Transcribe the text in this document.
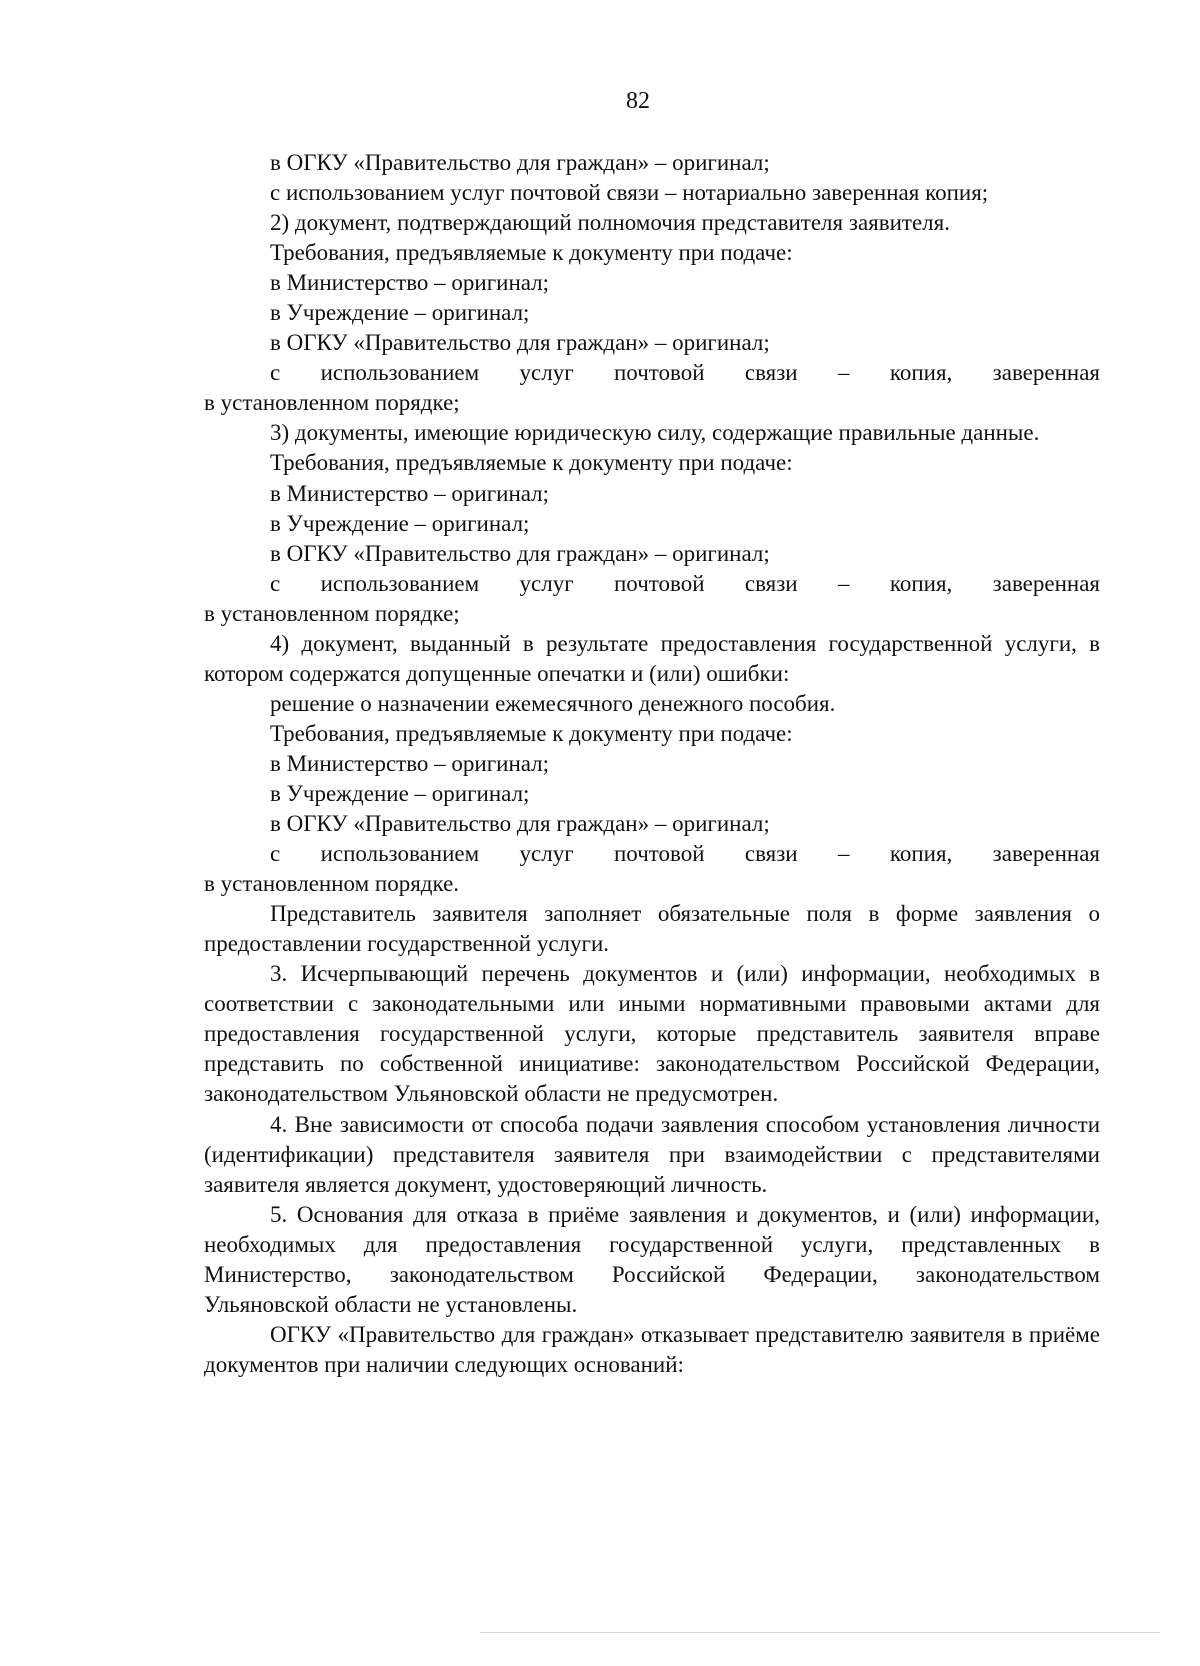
82

в ОГКУ «Правительство для граждан» – оригинал;

с использованием услуг почтовой связи – нотариально заверенная копия;

2) документ, подтверждающий полномочия представителя заявителя.

Требования, предъявляемые к документу при подаче:

в Министерство – оригинал;

в Учреждение – оригинал;

в ОГКУ «Правительство для граждан» – оригинал;

с использованием услуг почтовой связи – копия, заверенная
в установленном порядке;

3) документы, имеющие юридическую силу, содержащие правильные данные.

Требования, предъявляемые к документу при подаче:

в Министерство – оригинал;

в Учреждение – оригинал;

в ОГКУ «Правительство для граждан» – оригинал;

с использованием услуг почтовой связи – копия, заверенная
в установленном порядке;

4) документ, выданный в результате предоставления государственной услуги, в котором содержатся допущенные опечатки и (или) ошибки:

решение о назначении ежемесячного денежного пособия.

Требования, предъявляемые к документу при подаче:

в Министерство – оригинал;

в Учреждение – оригинал;

в ОГКУ «Правительство для граждан» – оригинал;

с использованием услуг почтовой связи – копия, заверенная
в установленном порядке.

Представитель заявителя заполняет обязательные поля в форме заявления о предоставлении государственной услуги.

3. Исчерпывающий перечень документов и (или) информации, необходимых в соответствии с законодательными или иными нормативными правовыми актами для предоставления государственной услуги, которые представитель заявителя вправе представить по собственной инициативе: законодательством Российской Федерации, законодательством Ульяновской области не предусмотрен.

4. Вне зависимости от способа подачи заявления способом установления личности (идентификации) представителя заявителя при взаимодействии с представителями заявителя является документ, удостоверяющий личность.

5. Основания для отказа в приёме заявления и документов, и (или) информации, необходимых для предоставления государственной услуги, представленных в Министерство, законодательством Российской Федерации, законодательством Ульяновской области не установлены.

ОГКУ «Правительство для граждан» отказывает представителю заявителя в приёме документов при наличии следующих оснований:
